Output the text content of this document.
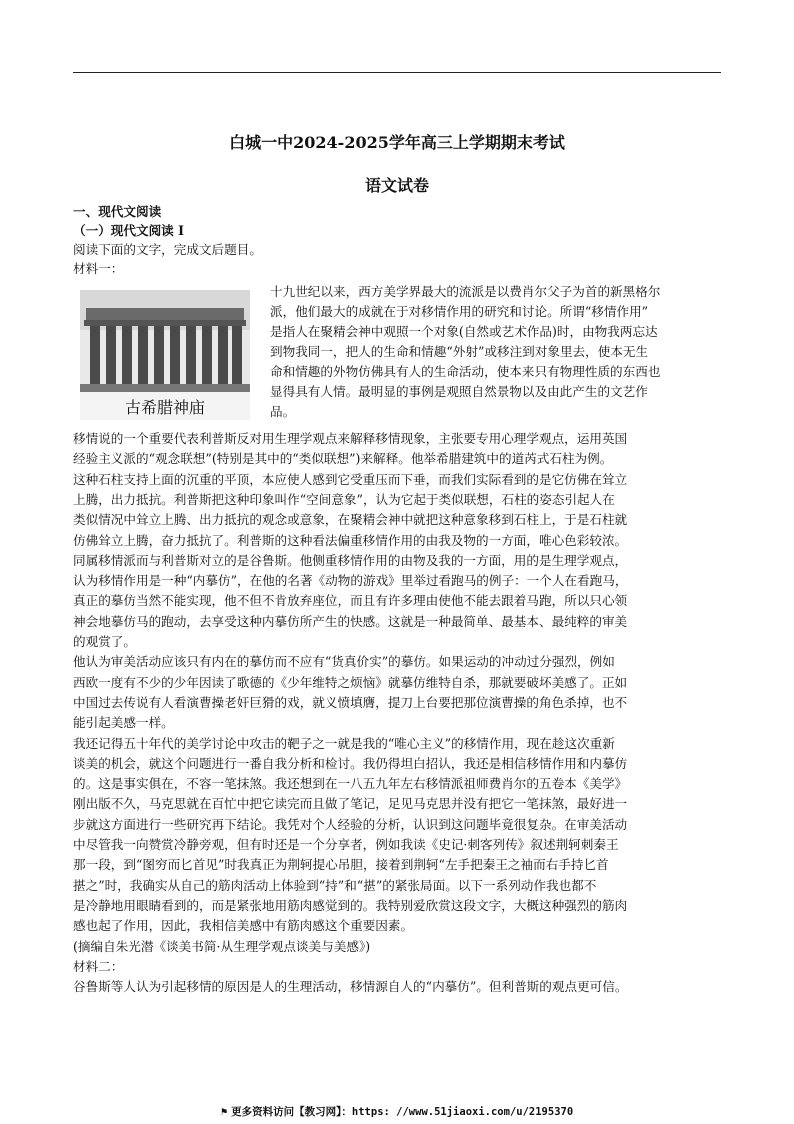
白城一中2024-2025学年高三上学期期末考试
语文试卷
一、现代文阅读
（一）现代文阅读 I
阅读下面的文字，完成文后题目。
材料一：
古希腊神庙
十九世纪以来，西方美学界最大的流派是以费肖尔父子为首的新黑格尔
派，他们最大的成就在于对移情作用的研究和讨论。所谓“移情作用”
是指人在聚精会神中观照一个对象(自然或艺术作品)时，由物我两忘达
到物我同一，把人的生命和情趣“外射”或移注到对象里去，使本无生
命和情趣的外物仿佛具有人的生命活动，使本来只有物理性质的东西也
显得具有人情。最明显的事例是观照自然景物以及由此产生的文艺作
品。
移情说的一个重要代表利普斯反对用生理学观点来解释移情现象，主张要专用心理学观点，运用英国
经验主义派的“观念联想”(特别是其中的“类似联想”)来解释。他举希腊建筑中的道芮式石柱为例。
这种石柱支持上面的沉重的平顶，本应使人感到它受重压而下垂，而我们实际看到的是它仿佛在耸立
上腾，出力抵抗。利普斯把这种印象叫作“空间意象”，认为它起于类似联想，石柱的姿态引起人在
类似情况中耸立上腾、出力抵抗的观念或意象，在聚精会神中就把这种意象移到石柱上，于是石柱就
仿佛耸立上腾，奋力抵抗了。利普斯的这种看法偏重移情作用的由我及物的一方面，唯心色彩较浓。
同属移情派而与利普斯对立的是谷鲁斯。他侧重移情作用的由物及我的一方面，用的是生理学观点，
认为移情作用是一种“内摹仿”，在他的名著《动物的游戏》里举过看跑马的例子：一个人在看跑马，
真正的摹仿当然不能实现，他不但不肯放弃座位，而且有许多理由使他不能去跟着马跑，所以只心领
神会地摹仿马的跑动，去享受这种内摹仿所产生的快感。这就是一种最简单、最基本、最纯粹的审美
的观赏了。
他认为审美活动应该只有内在的摹仿而不应有“货真价实”的摹仿。如果运动的冲动过分强烈，例如
西欧一度有不少的少年因读了歌德的《少年维特之烦恼》就摹仿维特自杀，那就要破坏美感了。正如
中国过去传说有人看演曹操老奸巨猾的戏，就义愤填膺，提刀上台要把那位演曹操的角色杀掉，也不
能引起美感一样。
我还记得五十年代的美学讨论中攻击的靶子之一就是我的“唯心主义”的移情作用，现在趁这次重新
谈美的机会，就这个问题进行一番自我分析和检讨。我仍得坦白招认，我还是相信移情作用和内摹仿
的。这是事实俱在，不容一笔抹煞。我还想到在一八五九年左右移情派祖师费肖尔的五卷本《美学》
刚出版不久，马克思就在百忙中把它读完而且做了笔记，足见马克思并没有把它一笔抹煞，最好进一
步就这方面进行一些研究再下结论。我凭对个人经验的分析，认识到这问题毕竟很复杂。在审美活动
中尽管我一向赞赏冷静旁观，但有时还是一个分享者，例如我读《史记·刺客列传》叙述荆轲刺秦王
那一段，到“图穷而匕首见”时我真正为荆轲提心吊胆，接着到荆轲“左手把秦王之袖而右手持匕首
揕之”时，我确实从自己的筋肉活动上体验到“持”和“揕”的紧张局面。以下一系列动作我也都不
是冷静地用眼睛看到的，而是紧张地用筋肉感觉到的。我特别爱欣赏这段文字，大概这种强烈的筋肉
感也起了作用，因此，我相信美感中有筋肉感这个重要因素。
(摘编自朱光潜《谈美书简·从生理学观点谈美与美感》)
材料二：
谷鲁斯等人认为引起移情的原因是人的生理活动，移情源自人的“内摹仿”。但利普斯的观点更可信。
⚑ 更多资料访问【教习网】：https: //www.51jiaoxi.com/u/2195370
